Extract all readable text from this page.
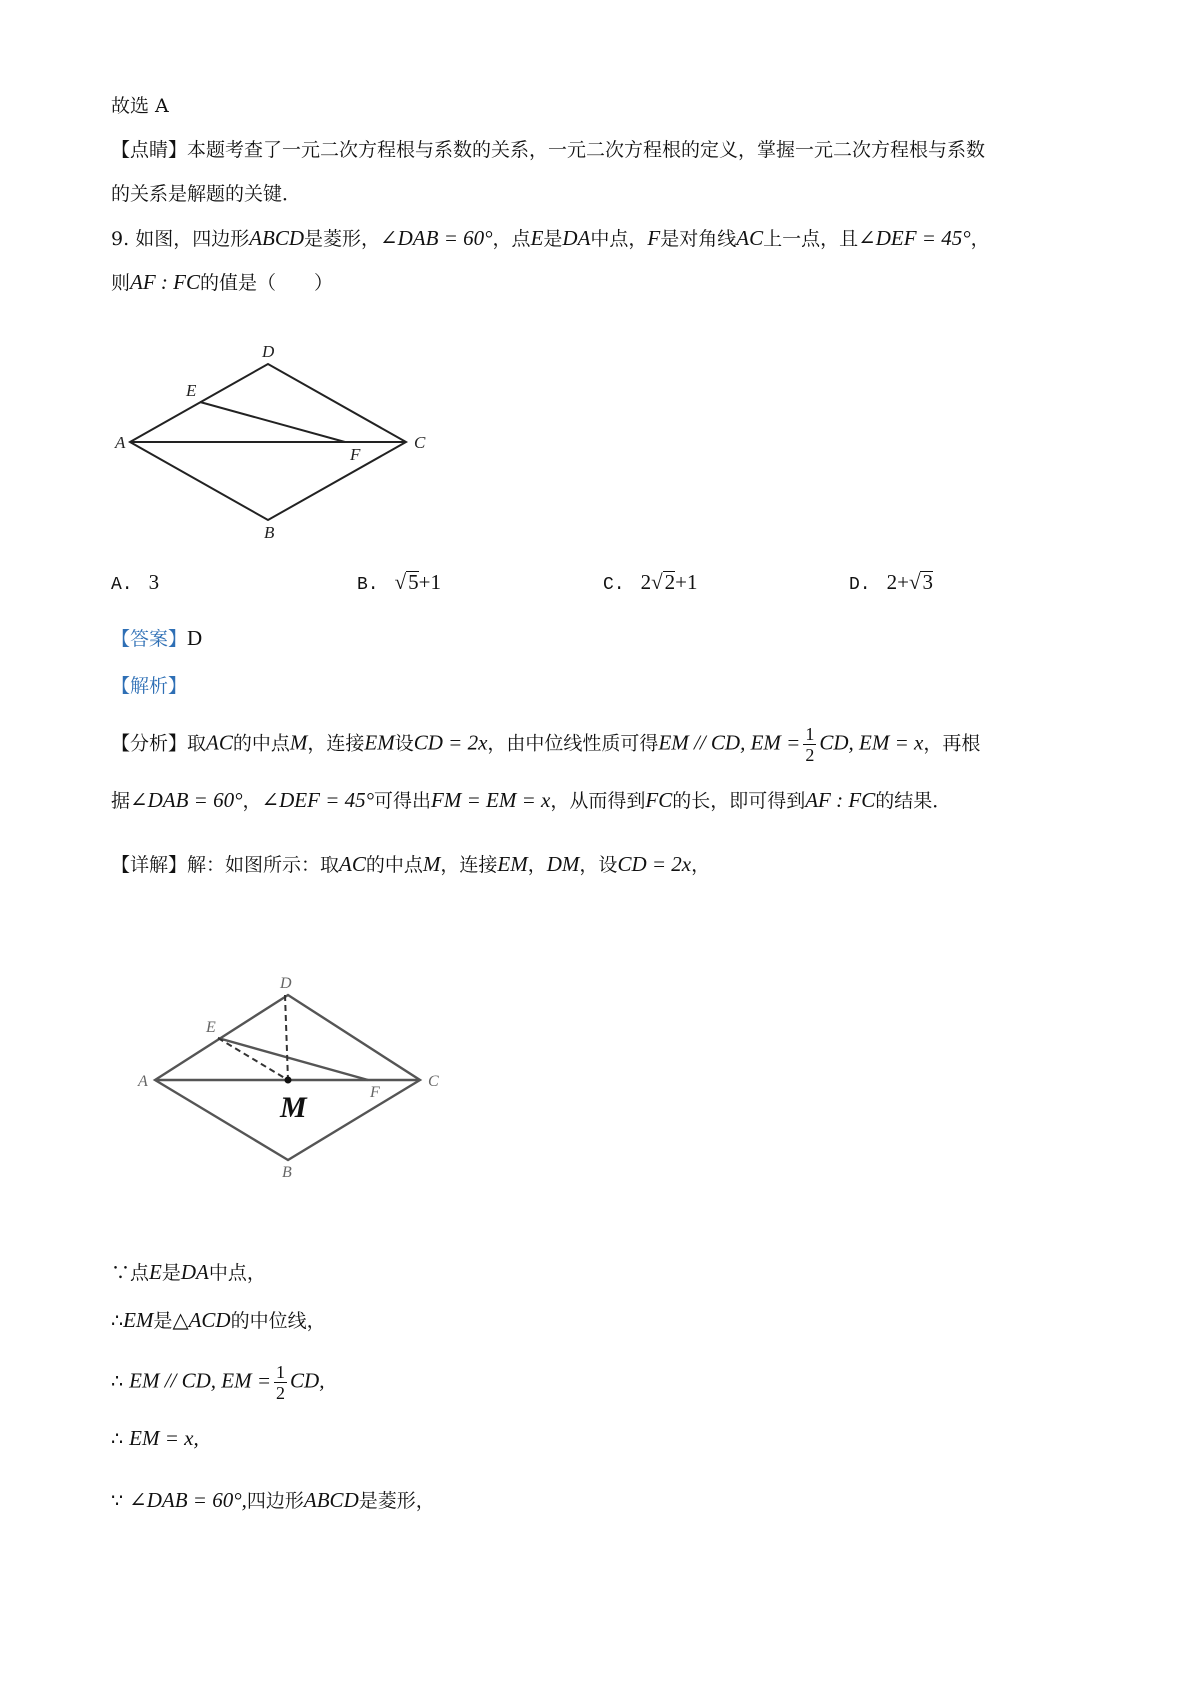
故选 A
【点睛】本题考查了一元二次方程根与系数的关系，一元二次方程根的定义，掌握一元二次方程根与系数
的关系是解题的关键．
9. 如图，四边形ABCD是菱形，∠DAB = 60°，点E是DA中点，F是对角线AC上一点，且∠DEF = 45°，
则AF : FC的值是（　　）
A
D
E
F
C
B
A. 3	B. √5+1	C. 2√2+1	D. 2+√3
【答案】D
【解析】
【分析】取AC的中点M，连接EM设CD = 2x，由中位线性质可得EM // CD, EM = $\frac{1}{2}$ CD, EM = x，再根
据∠DAB = 60°，∠DEF = 45°可得出FM = EM = x，从而得到FC的长，即可得到AF : FC的结果．
【详解】解：如图所示：取AC的中点M，连接EM，DM，设CD = 2x，
A
D
E
F
C
B
M
∵点E是DA中点，
∴EM是△ACD的中位线，
∴ EM // CD, EM = $\frac{1}{2}$ CD,
∴ EM = x,
∵ ∠DAB = 60°,四边形ABCD是菱形，
